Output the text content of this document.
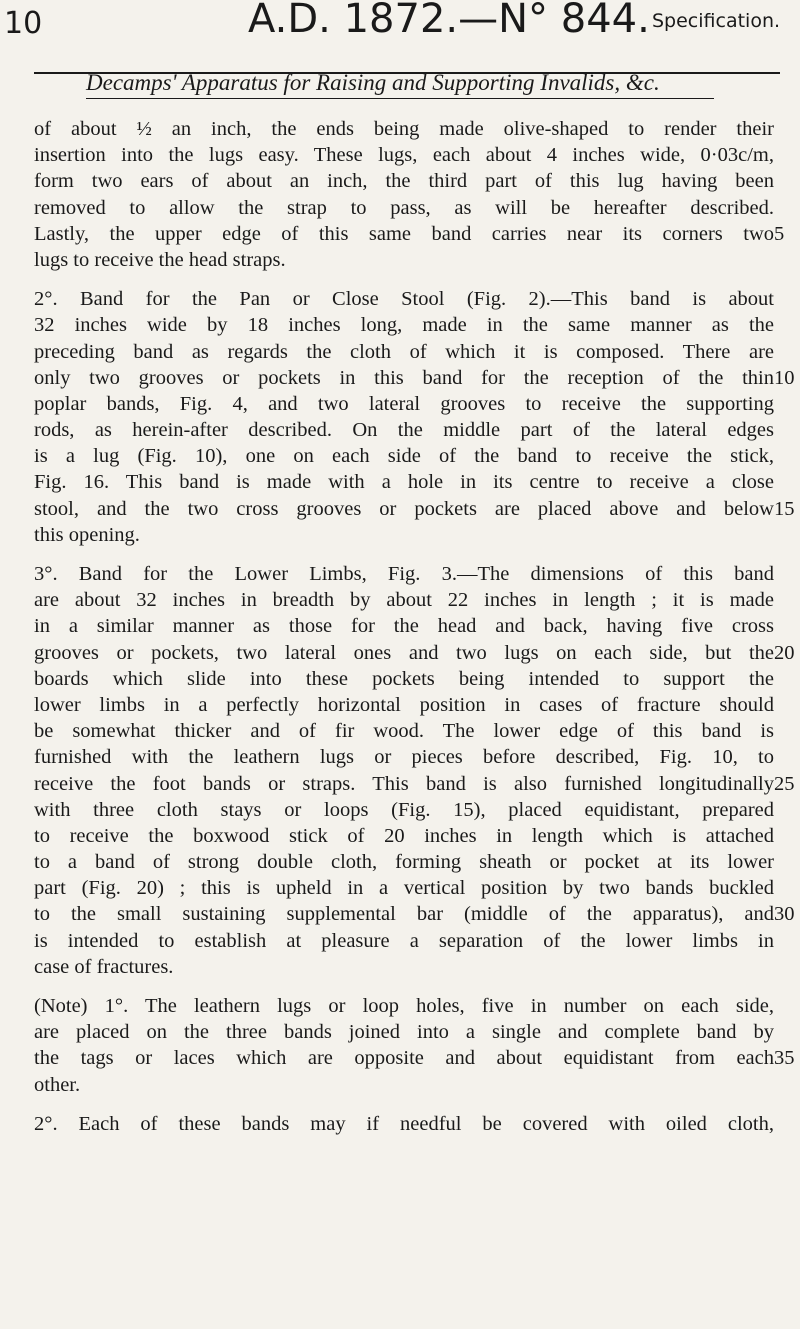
10	A.D. 1872.—N° 844. Specification.
Decamps' Apparatus for Raising and Supporting Invalids, &c.
of about ½ an inch, the ends being made olive-shaped to render their
insertion into the lugs easy. These lugs, each about 4 inches wide, 0·03c/m,
form two ears of about an inch, the third part of this lug having been
removed to allow the strap to pass, as will be hereafter described.
Lastly, the upper edge of this same band carries near its corners two 5
lugs to receive the head straps.
2°. Band for the Pan or Close Stool (Fig. 2).—This band is about
32 inches wide by 18 inches long, made in the same manner as the
preceding band as regards the cloth of which it is composed. There are
only two grooves or pockets in this band for the reception of the thin 10
poplar bands, Fig. 4, and two lateral grooves to receive the supporting
rods, as herein-after described. On the middle part of the lateral edges
is a lug (Fig. 10), one on each side of the band to receive the stick,
Fig. 16. This band is made with a hole in its centre to receive a close
stool, and the two cross grooves or pockets are placed above and below 15
this opening.
3°. Band for the Lower Limbs, Fig. 3.—The dimensions of this band
are about 32 inches in breadth by about 22 inches in length ; it is made
in a similar manner as those for the head and back, having five cross
grooves or pockets, two lateral ones and two lugs on each side, but the 20
boards which slide into these pockets being intended to support the
lower limbs in a perfectly horizontal position in cases of fracture should
be somewhat thicker and of fir wood. The lower edge of this band is
furnished with the leathern lugs or pieces before described, Fig. 10, to
receive the foot bands or straps. This band is also furnished longitudinally 25
with three cloth stays or loops (Fig. 15), placed equidistant, prepared
to receive the boxwood stick of 20 inches in length which is attached
to a band of strong double cloth, forming sheath or pocket at its lower
part (Fig. 20) ; this is upheld in a vertical position by two bands buckled
to the small sustaining supplemental bar (middle of the apparatus), and 30
is intended to establish at pleasure a separation of the lower limbs in
case of fractures.
(Note) 1°. The leathern lugs or loop holes, five in number on each side,
are placed on the three bands joined into a single and complete band by
the tags or laces which are opposite and about equidistant from each 35
other.
2°. Each of these bands may if needful be covered with oiled cloth,
